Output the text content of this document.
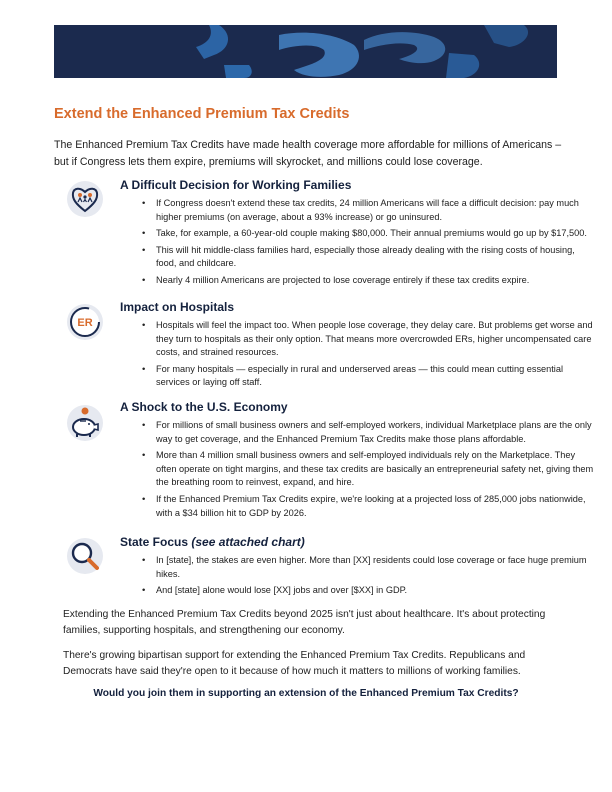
Extend the Enhanced Premium Tax Credits
The Enhanced Premium Tax Credits have made health coverage more affordable for millions of Americans – but if Congress lets them expire, premiums will skyrocket, and millions could lose coverage.
A Difficult Decision for Working Families
• If Congress doesn't extend these tax credits, 24 million Americans will face a difficult decision: pay much higher premiums (on average, about a 93% increase) or go uninsured.
• Take, for example, a 60-year-old couple making $80,000. Their annual premiums would go up by $17,500.
• This will hit middle-class families hard, especially those already dealing with the rising costs of housing, food, and childcare.
• Nearly 4 million Americans are projected to lose coverage entirely if these tax credits expire.
ER
Impact on Hospitals
• Hospitals will feel the impact too. When people lose coverage, they delay care. But problems get worse and they turn to hospitals as their only option. That means more overcrowded ERs, higher uncompensated care costs, and strained resources.
• For many hospitals — especially in rural and underserved areas — this could mean cutting essential services or laying off staff.
A Shock to the U.S. Economy
• For millions of small business owners and self-employed workers, individual Marketplace plans are the only way to get coverage, and the Enhanced Premium Tax Credits make those plans affordable.
• More than 4 million small business owners and self-employed individuals rely on the Marketplace. They often operate on tight margins, and these tax credits are basically an entrepreneurial safety net, giving them the breathing room to reinvest, expand, and hire.
• If the Enhanced Premium Tax Credits expire, we're looking at a projected loss of 285,000 jobs nationwide, with a $34 billion hit to GDP by 2026.
State Focus (see attached chart)
• In [state], the stakes are even higher. More than [XX] residents could lose coverage or face huge premium hikes.
• And [state] alone would lose [XX] jobs and over [$XX] in GDP.
Extending the Enhanced Premium Tax Credits beyond 2025 isn't just about healthcare. It's about protecting families, supporting hospitals, and strengthening our economy.
There's growing bipartisan support for extending the Enhanced Premium Tax Credits. Republicans and Democrats have said they're open to it because of how much it matters to millions of working families.
Would you join them in supporting an extension of the Enhanced Premium Tax Credits?
